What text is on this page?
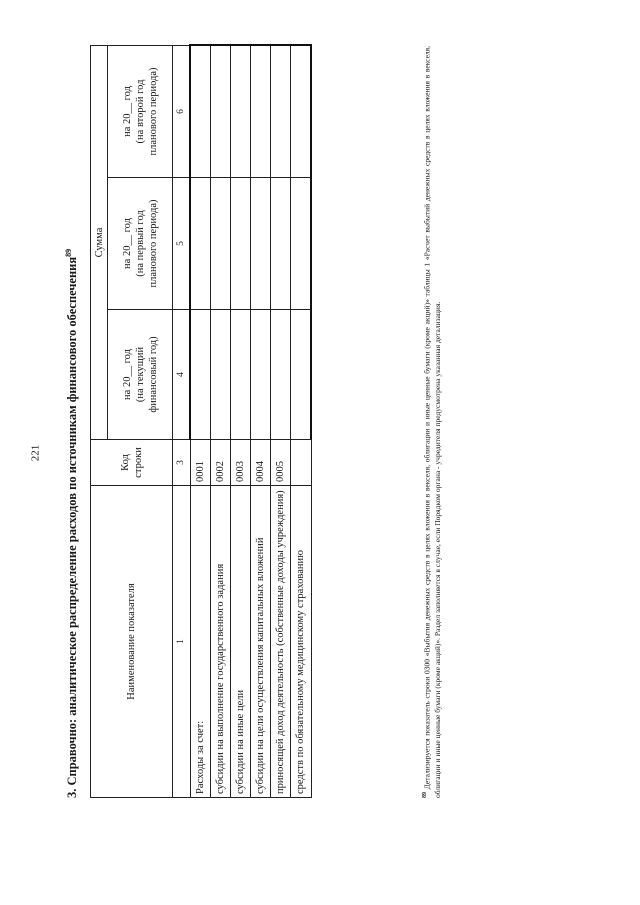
221 3. Справочно: аналитическое распределение расходов по источникам финансового обеспечения$^{89}$
Наименование показателя	Код строки	Сумма		
		на 20__ год (на текущий финансовый год)	на 20__ год (на первый год планового периода)	на 20__ год (на второй год планового периода)
1	3	4	5	6
Расходы за счет:	0001			
субсидии на выполнение государственного задания	0002			
субсидии на иные цели	0003			
субсидии на цели осуществления капитальных вложений	0004			
приносящей доход деятельность (собственные доходы учреждения)	0005			
средств по обязательному медицинскому страхованию				
$^{89}$ Детализируется показатель строки 0300 «Выбытия денежных средств в целях вложения в векселя, облигации и иные ценные бумаги (кроме акций)» таблицы 1 «Расчет выбытий денежных средств в целях вложения в векселя, облигации и иные ценные бумаги (кроме акций)». Раздел заполняется в случае, если Порядком органа - учредителя предусмотрена указанная детализация.
